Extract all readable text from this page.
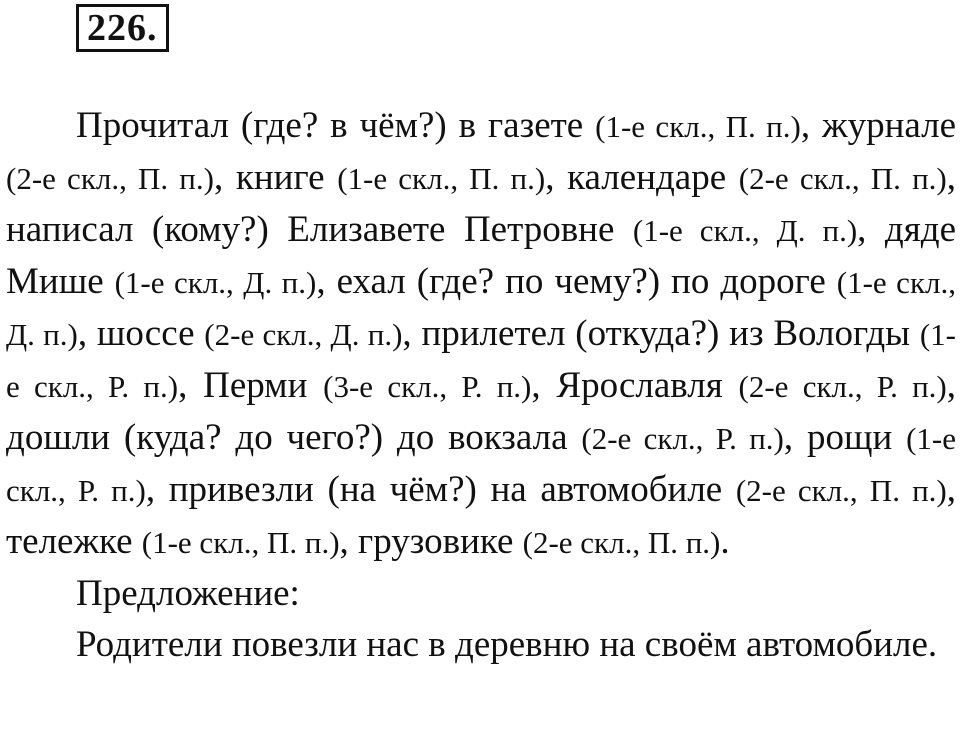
226.

Прочитал (где? в чём?) в газете (1-е скл., П. п.), журнале (2-е скл., П. п.), книге (1-е скл., П. п.), календаре (2-е скл., П. п.), написал (кому?) Елизавете Петровне (1-е скл., Д. п.), дяде Мише (1-е скл., Д. п.), ехал (где? по чему?) по дороге (1-е скл., Д. п.), шоссе (2-е скл., Д. п.), прилетел (откуда?) из Вологды (1-е скл., Р. п.), Перми (3-е скл., Р. п.), Ярославля (2-е скл., Р. п.), дошли (куда? до чего?) до вокзала (2-е скл., Р. п.), рощи (1-е скл., Р. п.), привезли (на чём?) на автомобиле (2-е скл., П. п.), тележке (1-е скл., П. п.), грузовике (2-е скл., П. п.).

Предложение:

Родители повезли нас в деревню на своём автомобиле.
